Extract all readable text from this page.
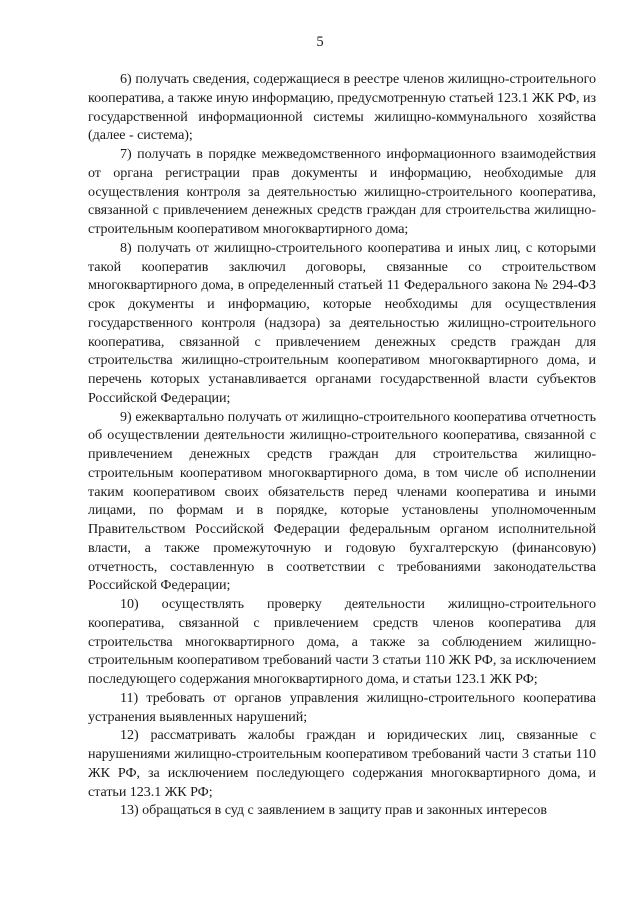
5

6) получать сведения, содержащиеся в реестре членов жилищно-строительного кооператива, а также иную информацию, предусмотренную статьей 123.1 ЖК РФ, из государственной информационной системы жилищно-коммунального хозяйства (далее - система);

7) получать в порядке межведомственного информационного взаимодействия от органа регистрации прав документы и информацию, необходимые для осуществления контроля за деятельностью жилищно-строительного кооператива, связанной с привлечением денежных средств граждан для строительства жилищно-строительным кооперативом многоквартирного дома;

8) получать от жилищно-строительного кооператива и иных лиц, с которыми такой кооператив заключил договоры, связанные со строительством многоквартирного дома, в определенный статьей 11 Федерального закона № 294-ФЗ срок документы и информацию, которые необходимы для осуществления государственного контроля (надзора) за деятельностью жилищно-строительного кооператива, связанной с привлечением денежных средств граждан для строительства жилищно-строительным кооперативом многоквартирного дома, и перечень которых устанавливается органами государственной власти субъектов Российской Федерации;

9) ежеквартально получать от жилищно-строительного кооператива отчетность об осуществлении деятельности жилищно-строительного кооператива, связанной с привлечением денежных средств граждан для строительства жилищно-строительным кооперативом многоквартирного дома, в том числе об исполнении таким кооперативом своих обязательств перед членами кооператива и иными лицами, по формам и в порядке, которые установлены уполномоченным Правительством Российской Федерации федеральным органом исполнительной власти, а также промежуточную и годовую бухгалтерскую (финансовую) отчетность, составленную в соответствии с требованиями законодательства Российской Федерации;

10) осуществлять проверку деятельности жилищно-строительного кооператива, связанной с привлечением средств членов кооператива для строительства многоквартирного дома, а также за соблюдением жилищно-строительным кооперативом требований части 3 статьи 110 ЖК РФ, за исключением последующего содержания многоквартирного дома, и статьи 123.1 ЖК РФ;

11) требовать от органов управления жилищно-строительного кооператива устранения выявленных нарушений;

12) рассматривать жалобы граждан и юридических лиц, связанные с нарушениями жилищно-строительным кооперативом требований части 3 статьи 110 ЖК РФ, за исключением последующего содержания многоквартирного дома, и статьи 123.1 ЖК РФ;

13) обращаться в суд с заявлением в защиту прав и законных интересов
